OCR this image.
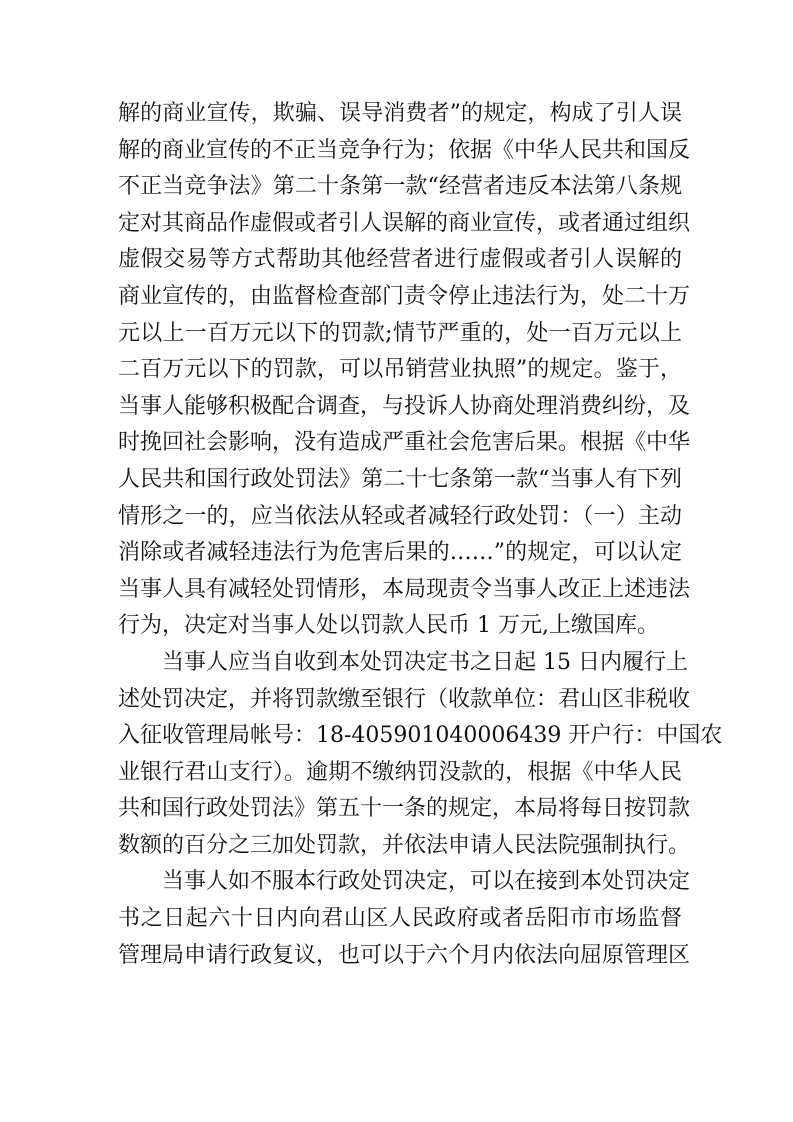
解的商业宣传，欺骗、误导消费者”的规定，构成了引人误
解的商业宣传的不正当竞争行为；依据《中华人民共和国反
不正当竞争法》第二十条第一款“经营者违反本法第八条规
定对其商品作虚假或者引人误解的商业宣传，或者通过组织
虚假交易等方式帮助其他经营者进行虚假或者引人误解的
商业宣传的，由监督检查部门责令停止违法行为，处二十万
元以上一百万元以下的罚款;情节严重的，处一百万元以上
二百万元以下的罚款，可以吊销营业执照”的规定。鉴于，
当事人能够积极配合调查，与投诉人协商处理消费纠纷，及
时挽回社会影响，没有造成严重社会危害后果。根据《中华
人民共和国行政处罚法》第二十七条第一款“当事人有下列
情形之一的，应当依法从轻或者减轻行政处罚：（一）主动
消除或者减轻违法行为危害后果的……”的规定，可以认定
当事人具有减轻处罚情形，本局现责令当事人改正上述违法
行为，决定对当事人处以罚款人民币 1 万元,上缴国库。
当事人应当自收到本处罚决定书之日起 15 日内履行上
述处罚决定，并将罚款缴至银行（收款单位：君山区非税收
入征收管理局帐号：18-405901040006439 开户行：中国农
业银行君山支行）。逾期不缴纳罚没款的，根据《中华人民
共和国行政处罚法》第五十一条的规定，本局将每日按罚款
数额的百分之三加处罚款，并依法申请人民法院强制执行。
当事人如不服本行政处罚决定，可以在接到本处罚决定
书之日起六十日内向君山区人民政府或者岳阳市市场监督
管理局申请行政复议，也可以于六个月内依法向屈原管理区
